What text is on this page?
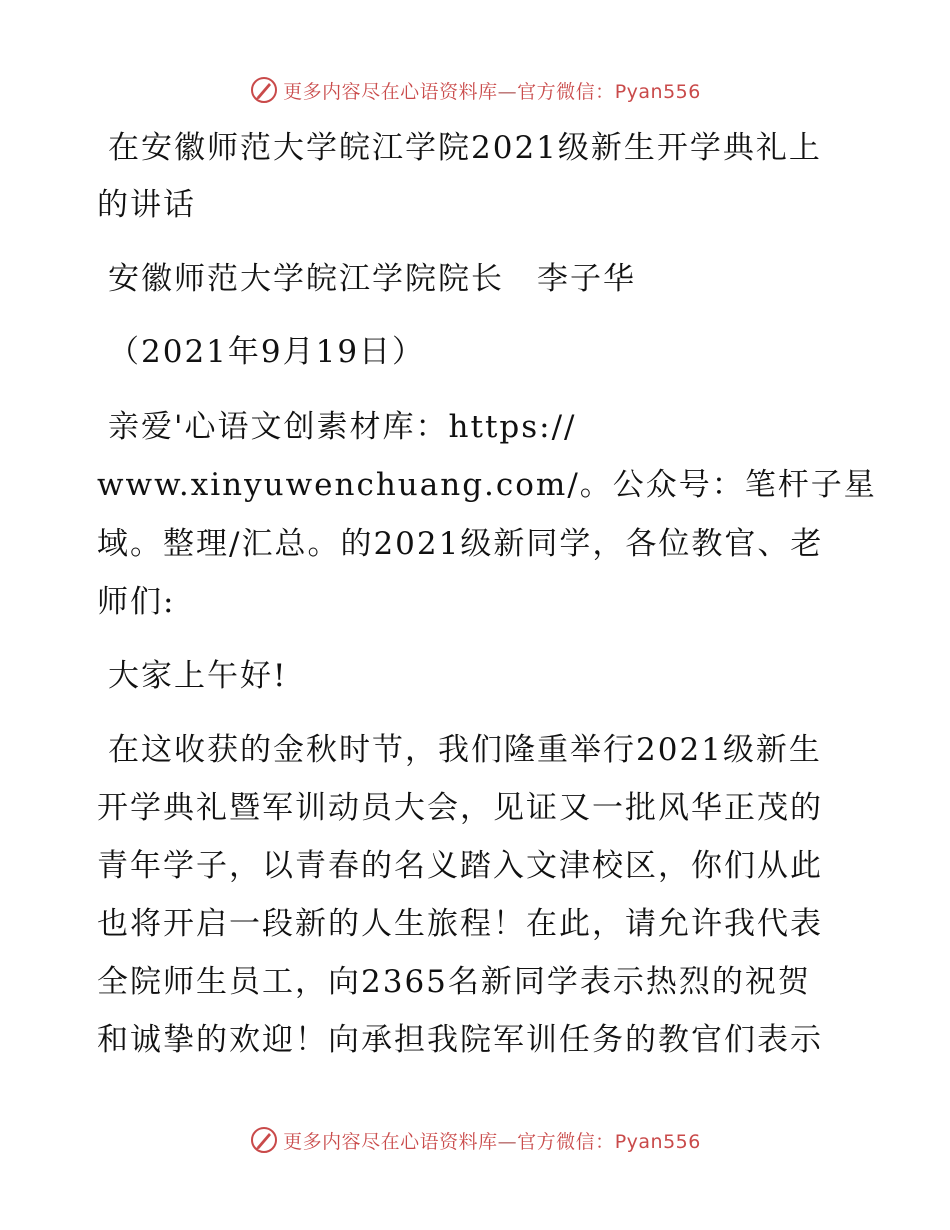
更多内容尽在心语资料库—官方微信：Pyan556
在安徽师范大学皖江学院2021级新生开学典礼上
的讲话
安徽师范大学皖江学院院长　李子华
（2021年9月19日）
亲爱'心语文创素材库：https://
www.xinyuwenchuang.com/。公众号：笔杆子星
域。整理/汇总。的2021级新同学，各位教官、老
师们:
大家上午好!
在这收获的金秋时节，我们隆重举行2021级新生
开学典礼暨军训动员大会，见证又一批风华正茂的
青年学子，以青春的名义踏入文津校区，你们从此
也将开启一段新的人生旅程！在此，请允许我代表
全院师生员工，向2365名新同学表示热烈的祝贺
和诚挚的欢迎！向承担我院军训任务的教官们表示
更多内容尽在心语资料库—官方微信：Pyan556
